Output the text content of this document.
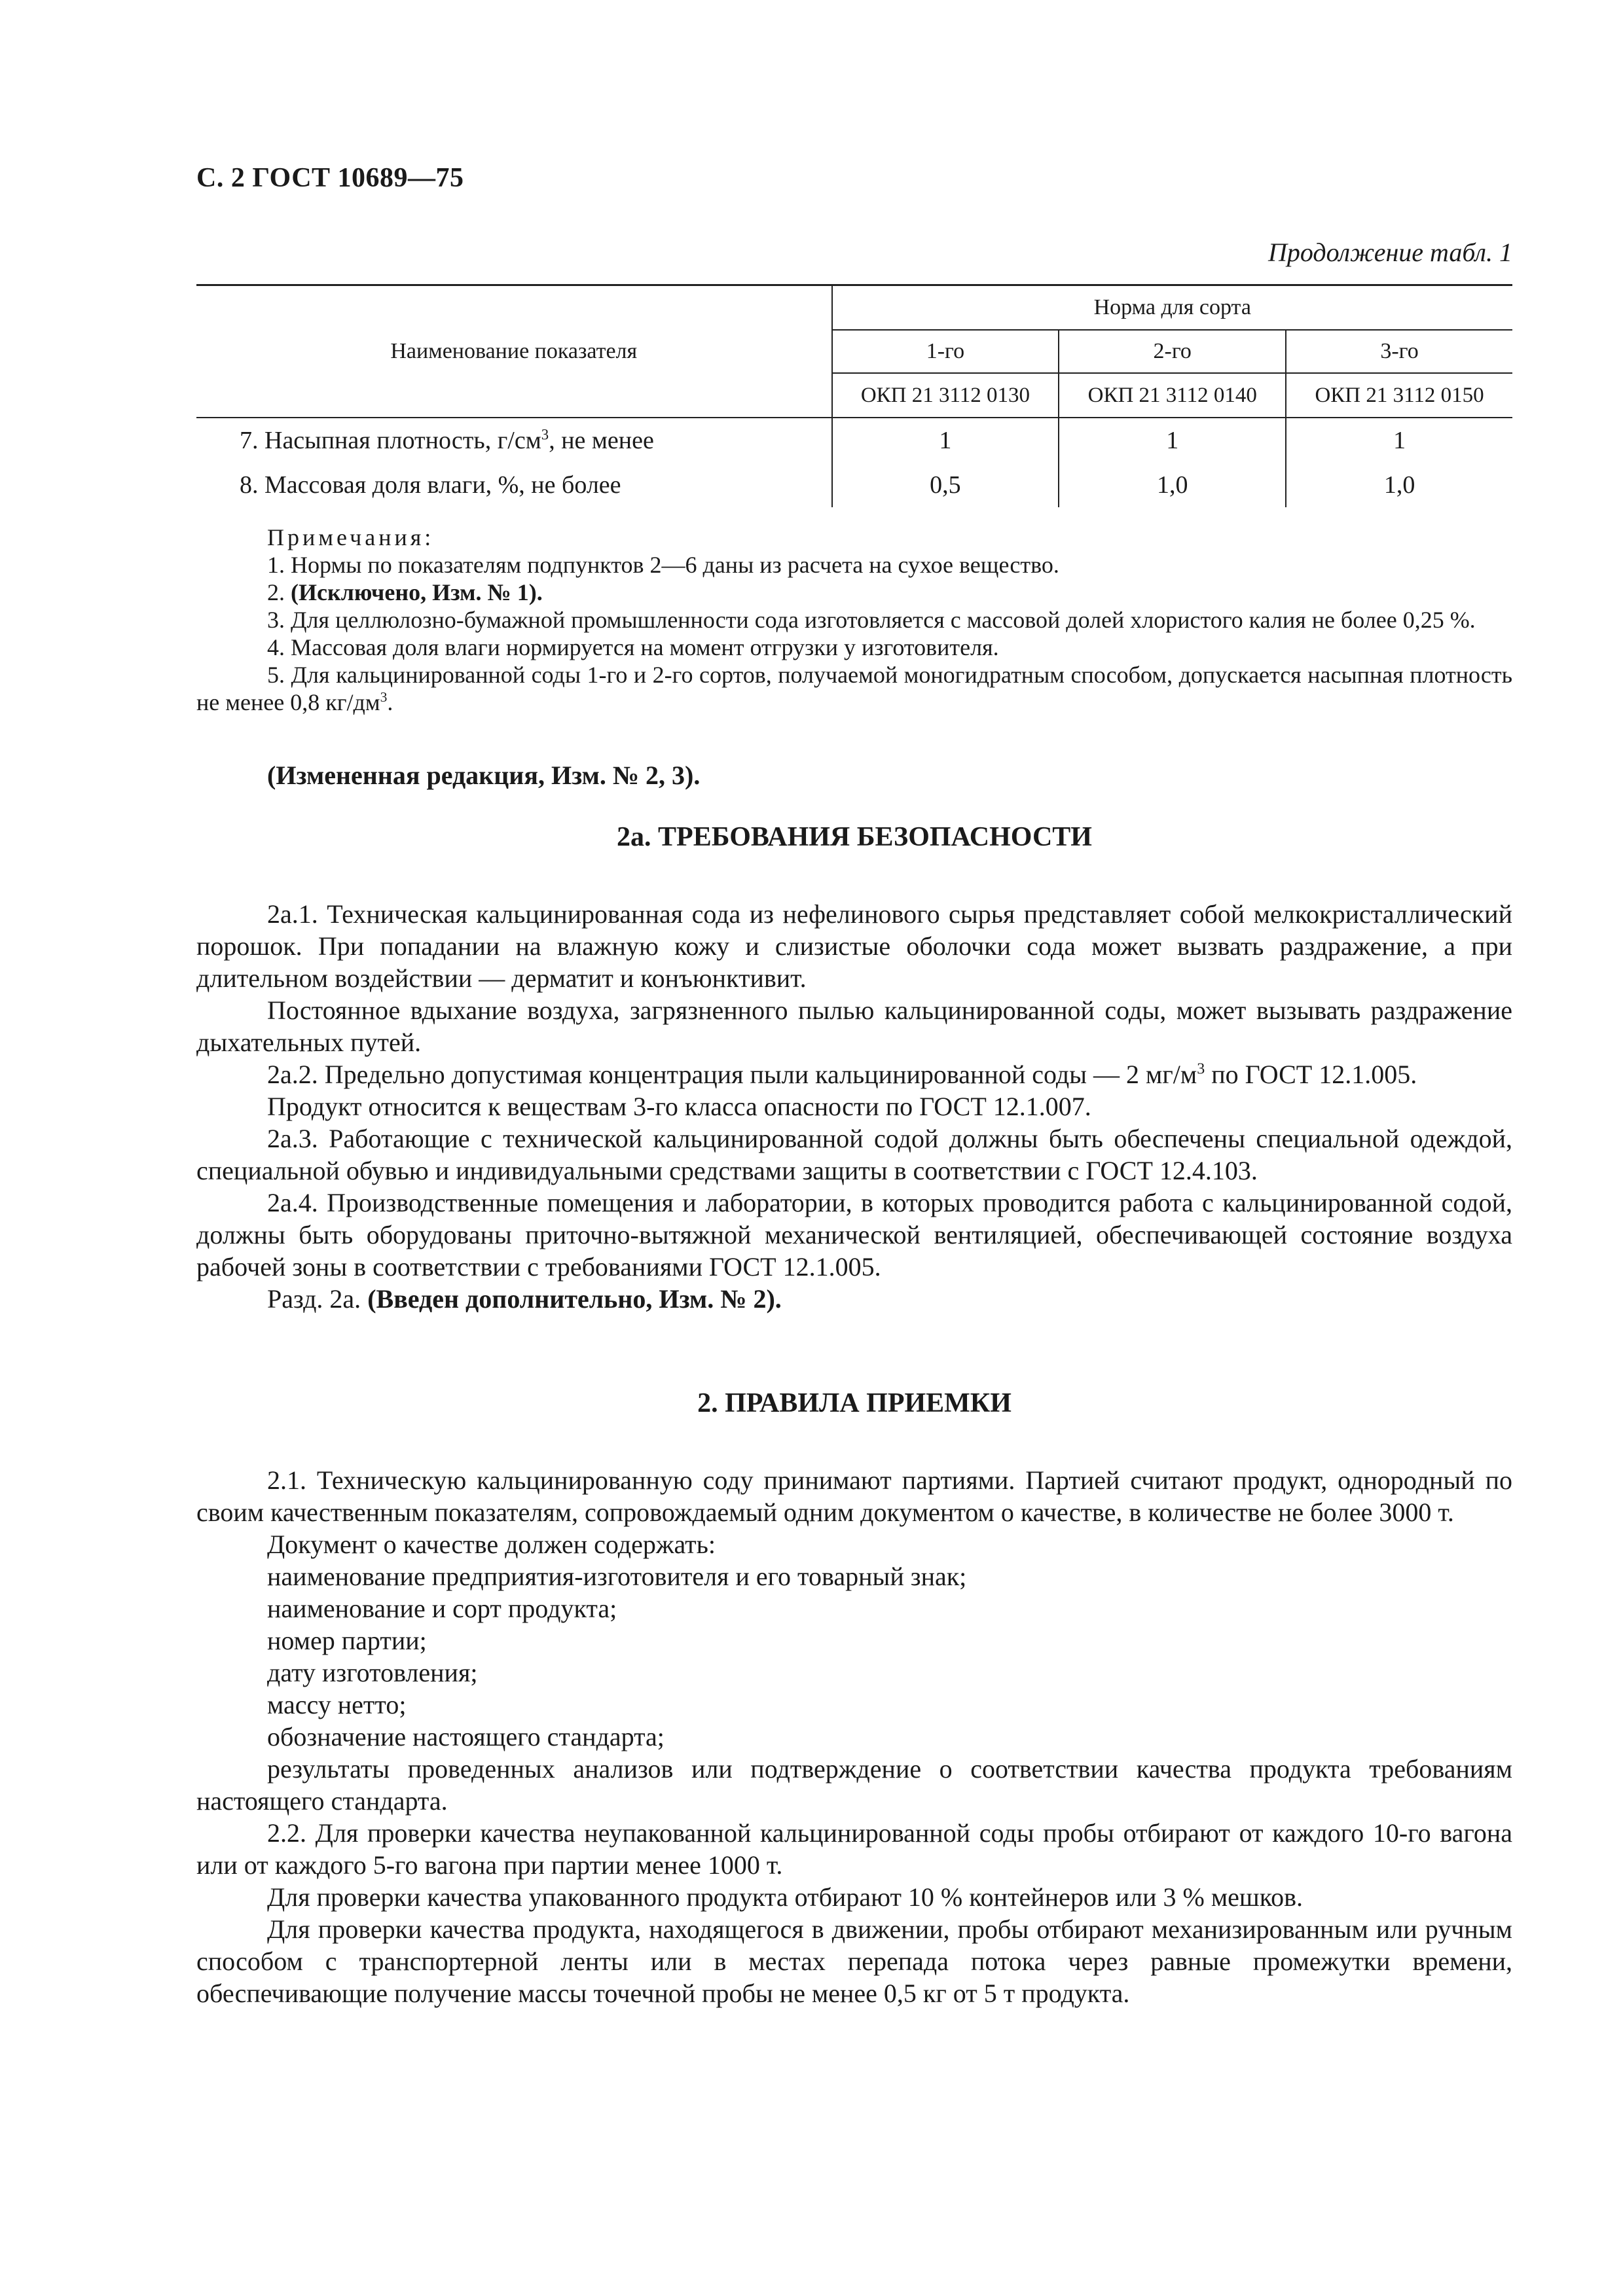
С. 2 ГОСТ 10689—75
Продолжение табл. 1
Наименование показателя	Норма для сорта		
	1-го	2-го	3-го
	ОКП 21 3112 0130	ОКП 21 3112 0140	ОКП 21 3112 0150
7. Насыпная плотность, $г/см^3$, не менее	1	1	1
8. Массовая доля влаги, %, не более	0,5	1,0	1,0
Примечания:
1. Нормы по показателям подпунктов 2—6 даны из расчета на сухое вещество.
2. (Исключено, Изм. № 1).

3. Для целлюлозно-бумажной промышленности сода изготовляется с массовой долей хлористого калия не более 0,25 %.

4. Массовая доля влаги нормируется на момент отгрузки у изготовителя.

5. Для кальцинированной соды 1-го и 2-го сортов, получаемой моногидратным способом, допускается насыпная плотность не менее 0,8 $кг/дм^3$.

(Измененная редакция, Изм. № 2, 3).

2а. ТРЕБОВАНИЯ БЕЗОПАСНОСТИ

2а.1. Техническая кальцинированная сода из нефелинового сырья представляет собой мелкокристаллический порошок. При попадании на влажную кожу и слизистые оболочки сода может вызвать раздражение, а при длительном воздействии — дерматит и конъюнктивит.

Постоянное вдыхание воздуха, загрязненного пылью кальцинированной соды, может вызывать раздражение дыхательных путей.

2а.2. Предельно допустимая концентрация пыли кальцинированной соды — 2 $мг/м^3$ по ГОСТ 12.1.005.

Продукт относится к веществам 3-го класса опасности по ГОСТ 12.1.007.

2а.3. Работающие с технической кальцинированной содой должны быть обеспечены специальной одеждой, специальной обувью и индивидуальными средствами защиты в соответствии с ГОСТ 12.4.103.

2а.4. Производственные помещения и лаборатории, в которых проводится работа с кальцинированной содой, должны быть оборудованы приточно-вытяжной механической вентиляцией, обеспечивающей состояние воздуха рабочей зоны в соответствии с требованиями ГОСТ 12.1.005.

Разд. 2а. (Введен дополнительно, Изм. № 2).

2. ПРАВИЛА ПРИЕМКИ

2.1. Техническую кальцинированную соду принимают партиями. Партией считают продукт, однородный по своим качественным показателям, сопровождаемый одним документом о качестве, в количестве не более 3000 т.

Документ о качестве должен содержать:

наименование предприятия-изготовителя и его товарный знак;

наименование и сорт продукта;

номер партии;

дату изготовления;

массу нетто;

обозначение настоящего стандарта;

результаты проведенных анализов или подтверждение о соответствии качества продукта требованиям настоящего стандарта.

2.2. Для проверки качества неупакованной кальцинированной соды пробы отбирают от каждого 10-го вагона или от каждого 5-го вагона при партии менее 1000 т.

Для проверки качества упакованного продукта отбирают 10 % контейнеров или 3 % мешков.

Для проверки качества продукта, находящегося в движении, пробы отбирают механизированным или ручным способом с транспортерной ленты или в местах перепада потока через равные промежутки времени, обеспечивающие получение массы точечной пробы не менее 0,5 кг от 5 т продукта.
